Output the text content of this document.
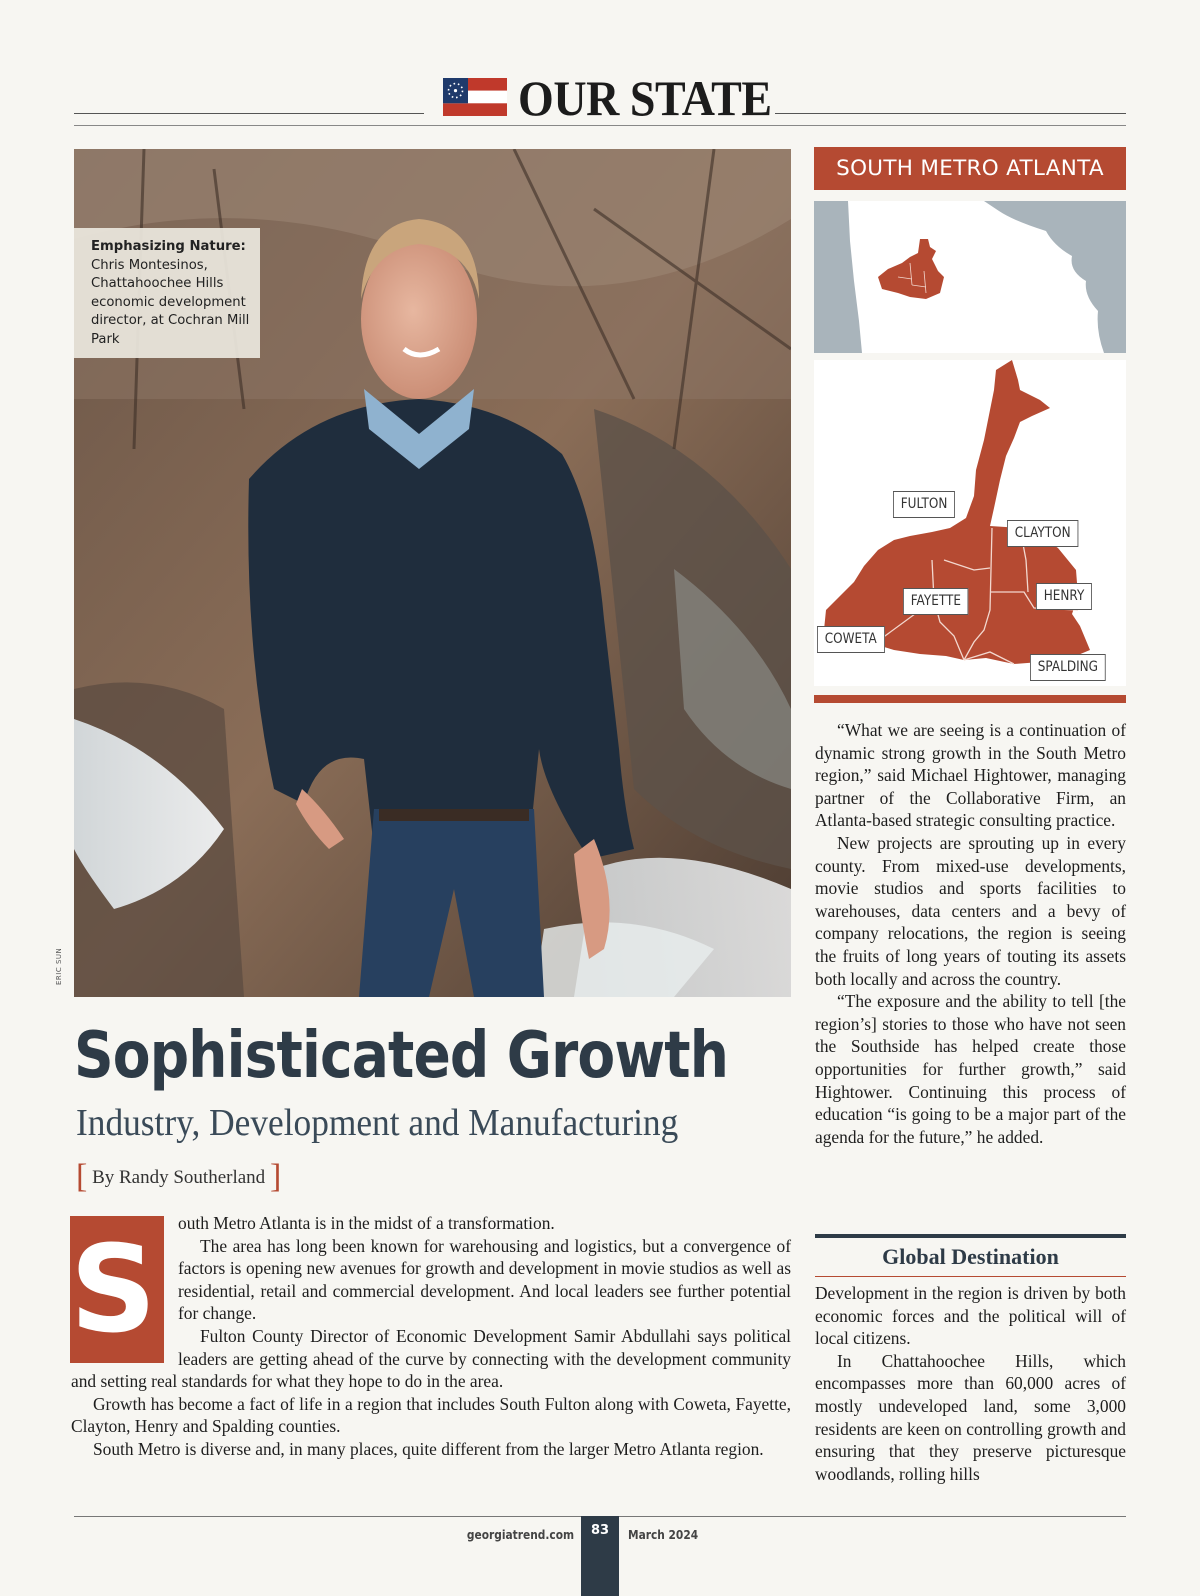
OUR STATE
Emphasizing Nature:
Chris Montesinos, Chattahoochee Hills economic development director, at Cochran Mill Park
ERIC SUN
Sophisticated Growth
Industry, Development and Manufacturing
[ By Randy Southerland ]
S	outh Metro Atlanta is in the midst of a transformation.

The area has long been known for warehousing and logistics, but a convergence of factors is opening new avenues for growth and development in movie studios as well as residential, retail and commercial development. And local leaders see further potential for change.

Fulton County Director of Economic Development Samir Abdullahi says political leaders are getting ahead of the curve by connecting with the development community and setting real standards for what they hope to do in the area.

Growth has become a fact of life in a region that includes South Fulton along with Coweta, Fayette, Clayton, Henry and Spalding counties.

South Metro is diverse and, in many places, quite different from the larger Metro Atlanta region.

SOUTH METRO ATLANTA
FULTON
CLAYTON
HENRY
FAYETTE
COWETA
SPALDING

“What we are seeing is a continuation of dynamic strong growth in the South Metro region,” said Michael Hightower, managing partner of the Collaborative Firm, an Atlanta-based strategic consulting practice.

New projects are sprouting up in every county. From mixed-use developments, movie studios and sports facilities to warehouses, data centers and a bevy of company relocations, the region is seeing the fruits of long years of touting its assets both locally and across the country.

“The exposure and the ability to tell [the region’s] stories to those who have not seen the Southside has helped create those opportunities for further growth,” said Hightower. Continuing this process of education “is going to be a major part of the agenda for the future,” he added.

Global Destination

Development in the region is driven by both economic forces and the political will of local citizens.

In Chattahoochee Hills, which encompasses more than 60,000 acres of mostly undeveloped land, some 3,000 residents are keen on controlling growth and ensuring that they preserve picturesque woodlands, rolling hills

georgiatrend.com	83	March 2024
